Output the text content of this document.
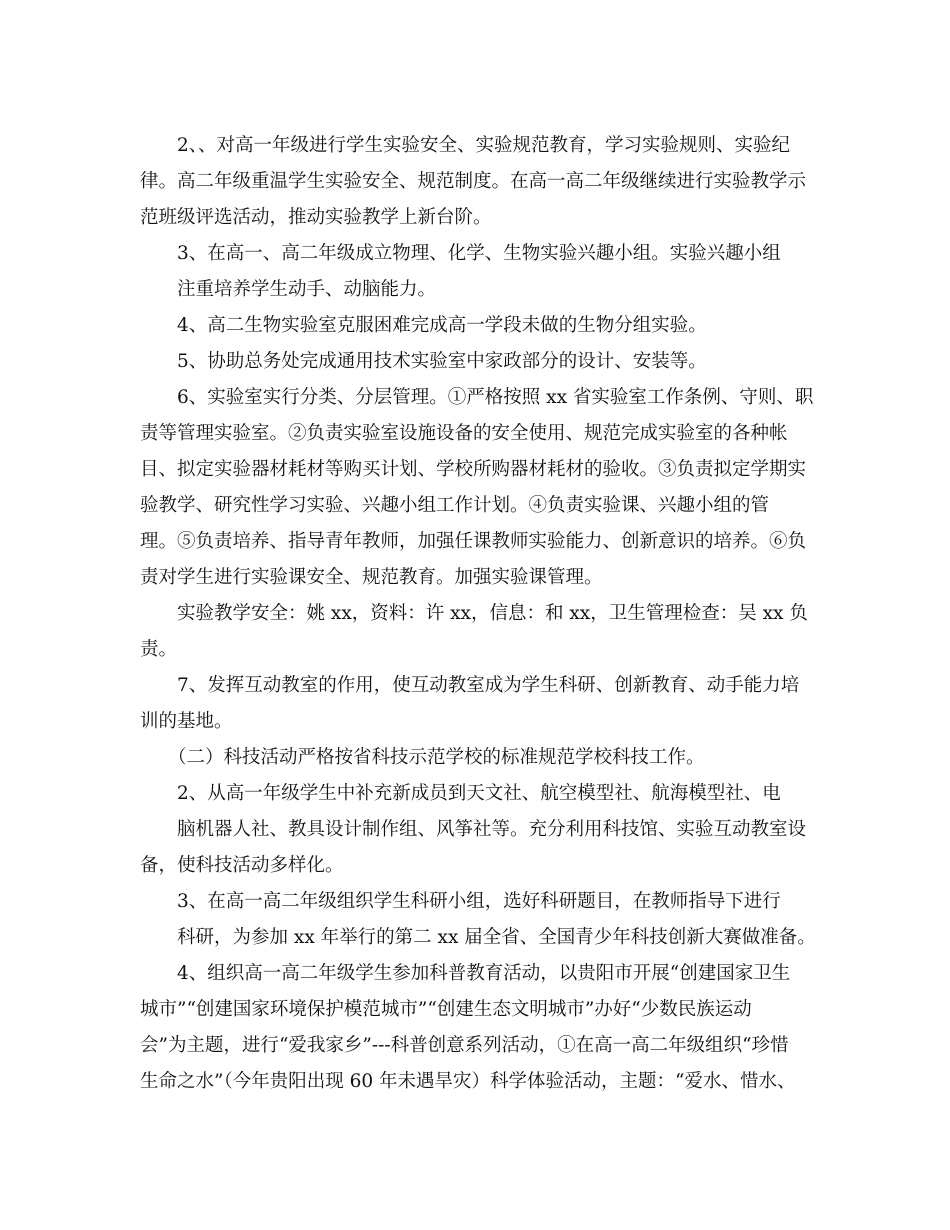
2、、对高一年级进行学生实验安全、实验规范教育，学习实验规则、实验纪
律。高二年级重温学生实验安全、规范制度。在高一高二年级继续进行实验教学示
范班级评选活动，推动实验教学上新台阶。
3、在高一、高二年级成立物理、化学、生物实验兴趣小组。实验兴趣小组
注重培养学生动手、动脑能力。
4、高二生物实验室克服困难完成高一学段未做的生物分组实验。
5、协助总务处完成通用技术实验室中家政部分的设计、安装等。
6、实验室实行分类、分层管理。①严格按照 xx 省实验室工作条例、守则、职
责等管理实验室。②负责实验室设施设备的安全使用、规范完成实验室的各种帐
目、拟定实验器材耗材等购买计划、学校所购器材耗材的验收。③负责拟定学期实
验教学、研究性学习实验、兴趣小组工作计划。④负责实验课、兴趣小组的管
理。⑤负责培养、指导青年教师，加强任课教师实验能力、创新意识的培养。⑥负
责对学生进行实验课安全、规范教育。加强实验课管理。
实验教学安全：姚 xx，资料：许 xx，信息：和 xx，卫生管理检查：吴 xx 负
责。
7、发挥互动教室的作用，使互动教室成为学生科研、创新教育、动手能力培
训的基地。
（二）科技活动严格按省科技示范学校的标准规范学校科技工作。
2、从高一年级学生中补充新成员到天文社、航空模型社、航海模型社、电
脑机器人社、教具设计制作组、风筝社等。充分利用科技馆、实验互动教室设
备，使科技活动多样化。
3、在高一高二年级组织学生科研小组，选好科研题目，在教师指导下进行
科研，为参加 xx 年举行的第二 xx 届全省、全国青少年科技创新大赛做准备。
4、组织高一高二年级学生参加科普教育活动，以贵阳市开展“创建国家卫生
城市”“创建国家环境保护模范城市”“创建生态文明城市”办好“少数民族运动
会”为主题，进行“爱我家乡”---科普创意系列活动，①在高一高二年级组织“珍惜
生命之水”（今年贵阳出现 60 年未遇旱灾）科学体验活动，主题：“爱水、惜水、
